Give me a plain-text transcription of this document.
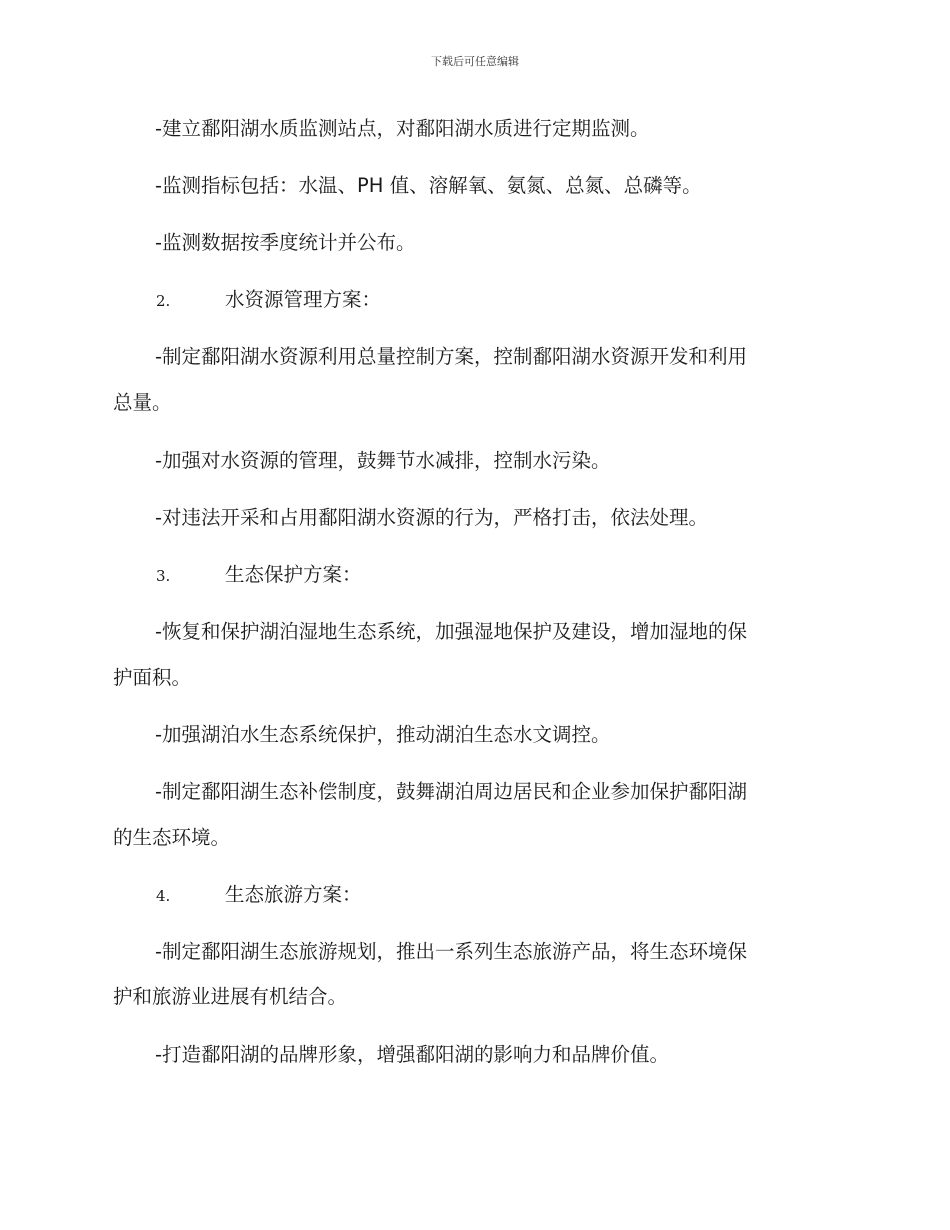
下载后可任意编辑
-建立鄱阳湖水质监测站点，对鄱阳湖水质进行定期监测。
-监测指标包括：水温、PH 值、溶解氧、氨氮、总氮、总磷等。
-监测数据按季度统计并公布。
2.	水资源管理方案：
-制定鄱阳湖水资源利用总量控制方案，控制鄱阳湖水资源开发和利用
总量。
-加强对水资源的管理，鼓舞节水减排，控制水污染。
-对违法开采和占用鄱阳湖水资源的行为，严格打击，依法处理。
3.	生态保护方案：
-恢复和保护湖泊湿地生态系统，加强湿地保护及建设，增加湿地的保
护面积。
-加强湖泊水生态系统保护，推动湖泊生态水文调控。
-制定鄱阳湖生态补偿制度，鼓舞湖泊周边居民和企业参加保护鄱阳湖
的生态环境。
4.	生态旅游方案：
-制定鄱阳湖生态旅游规划，推出一系列生态旅游产品，将生态环境保
护和旅游业进展有机结合。
-打造鄱阳湖的品牌形象，增强鄱阳湖的影响力和品牌价值。
